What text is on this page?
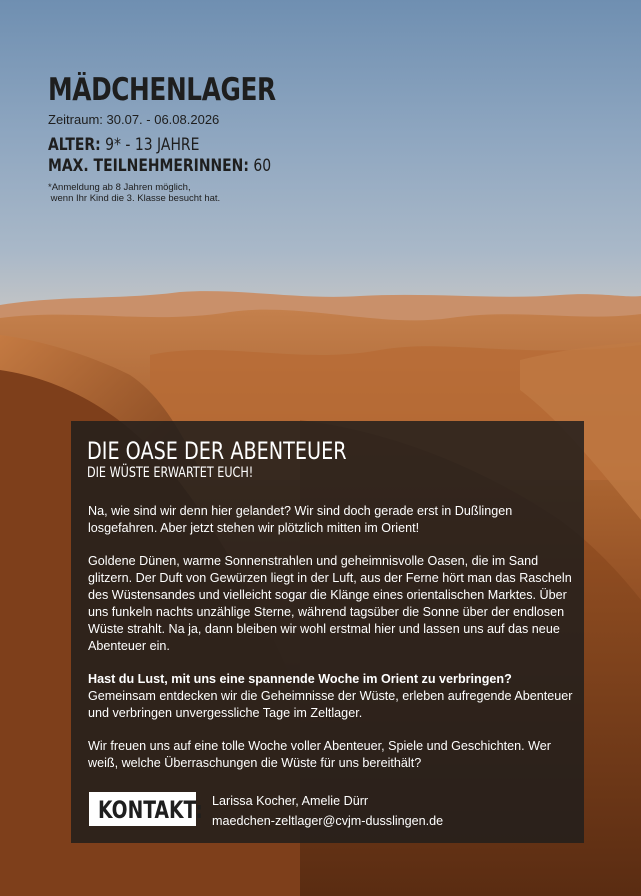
MÄDCHENLAGER
Zeitraum: 30.07. - 06.08.2026
ALTER: 9* - 13 JAHRE
MAX. TEILNEHMERINNEN: 60
*Anmeldung ab 8 Jahren möglich,
wenn Ihr Kind die 3. Klasse besucht hat.
DIE OASE DER ABENTEUER
DIE WÜSTE ERWARTET EUCH!

Na, wie sind wir denn hier gelandet? Wir sind doch gerade erst in Dußlingen losgefahren. Aber jetzt stehen wir plötzlich mitten im Orient!

Goldene Dünen, warme Sonnenstrahlen und geheimnisvolle Oasen, die im Sand glitzern. Der Duft von Gewürzen liegt in der Luft, aus der Ferne hört man das Rascheln des Wüstensandes und vielleicht sogar die Klänge eines orientalischen Marktes. Über uns funkeln nachts unzählige Sterne, während tagsüber die Sonne über der endlosen Wüste strahlt. Na ja, dann bleiben wir wohl erstmal hier und lassen uns auf das neue Abenteuer ein.

Hast du Lust, mit uns eine spannende Woche im Orient zu verbringen?
Gemeinsam entdecken wir die Geheimnisse der Wüste, erleben aufregende Abenteuer und verbringen unvergessliche Tage im Zeltlager.

Wir freuen uns auf eine tolle Woche voller Abenteuer, Spiele und Geschichten. Wer weiß, welche Überraschungen die Wüste für uns bereithält?

KONTAKT: Larissa Kocher, Amelie Dürr
maedchen-zeltlager@cvjm-dusslingen.de
